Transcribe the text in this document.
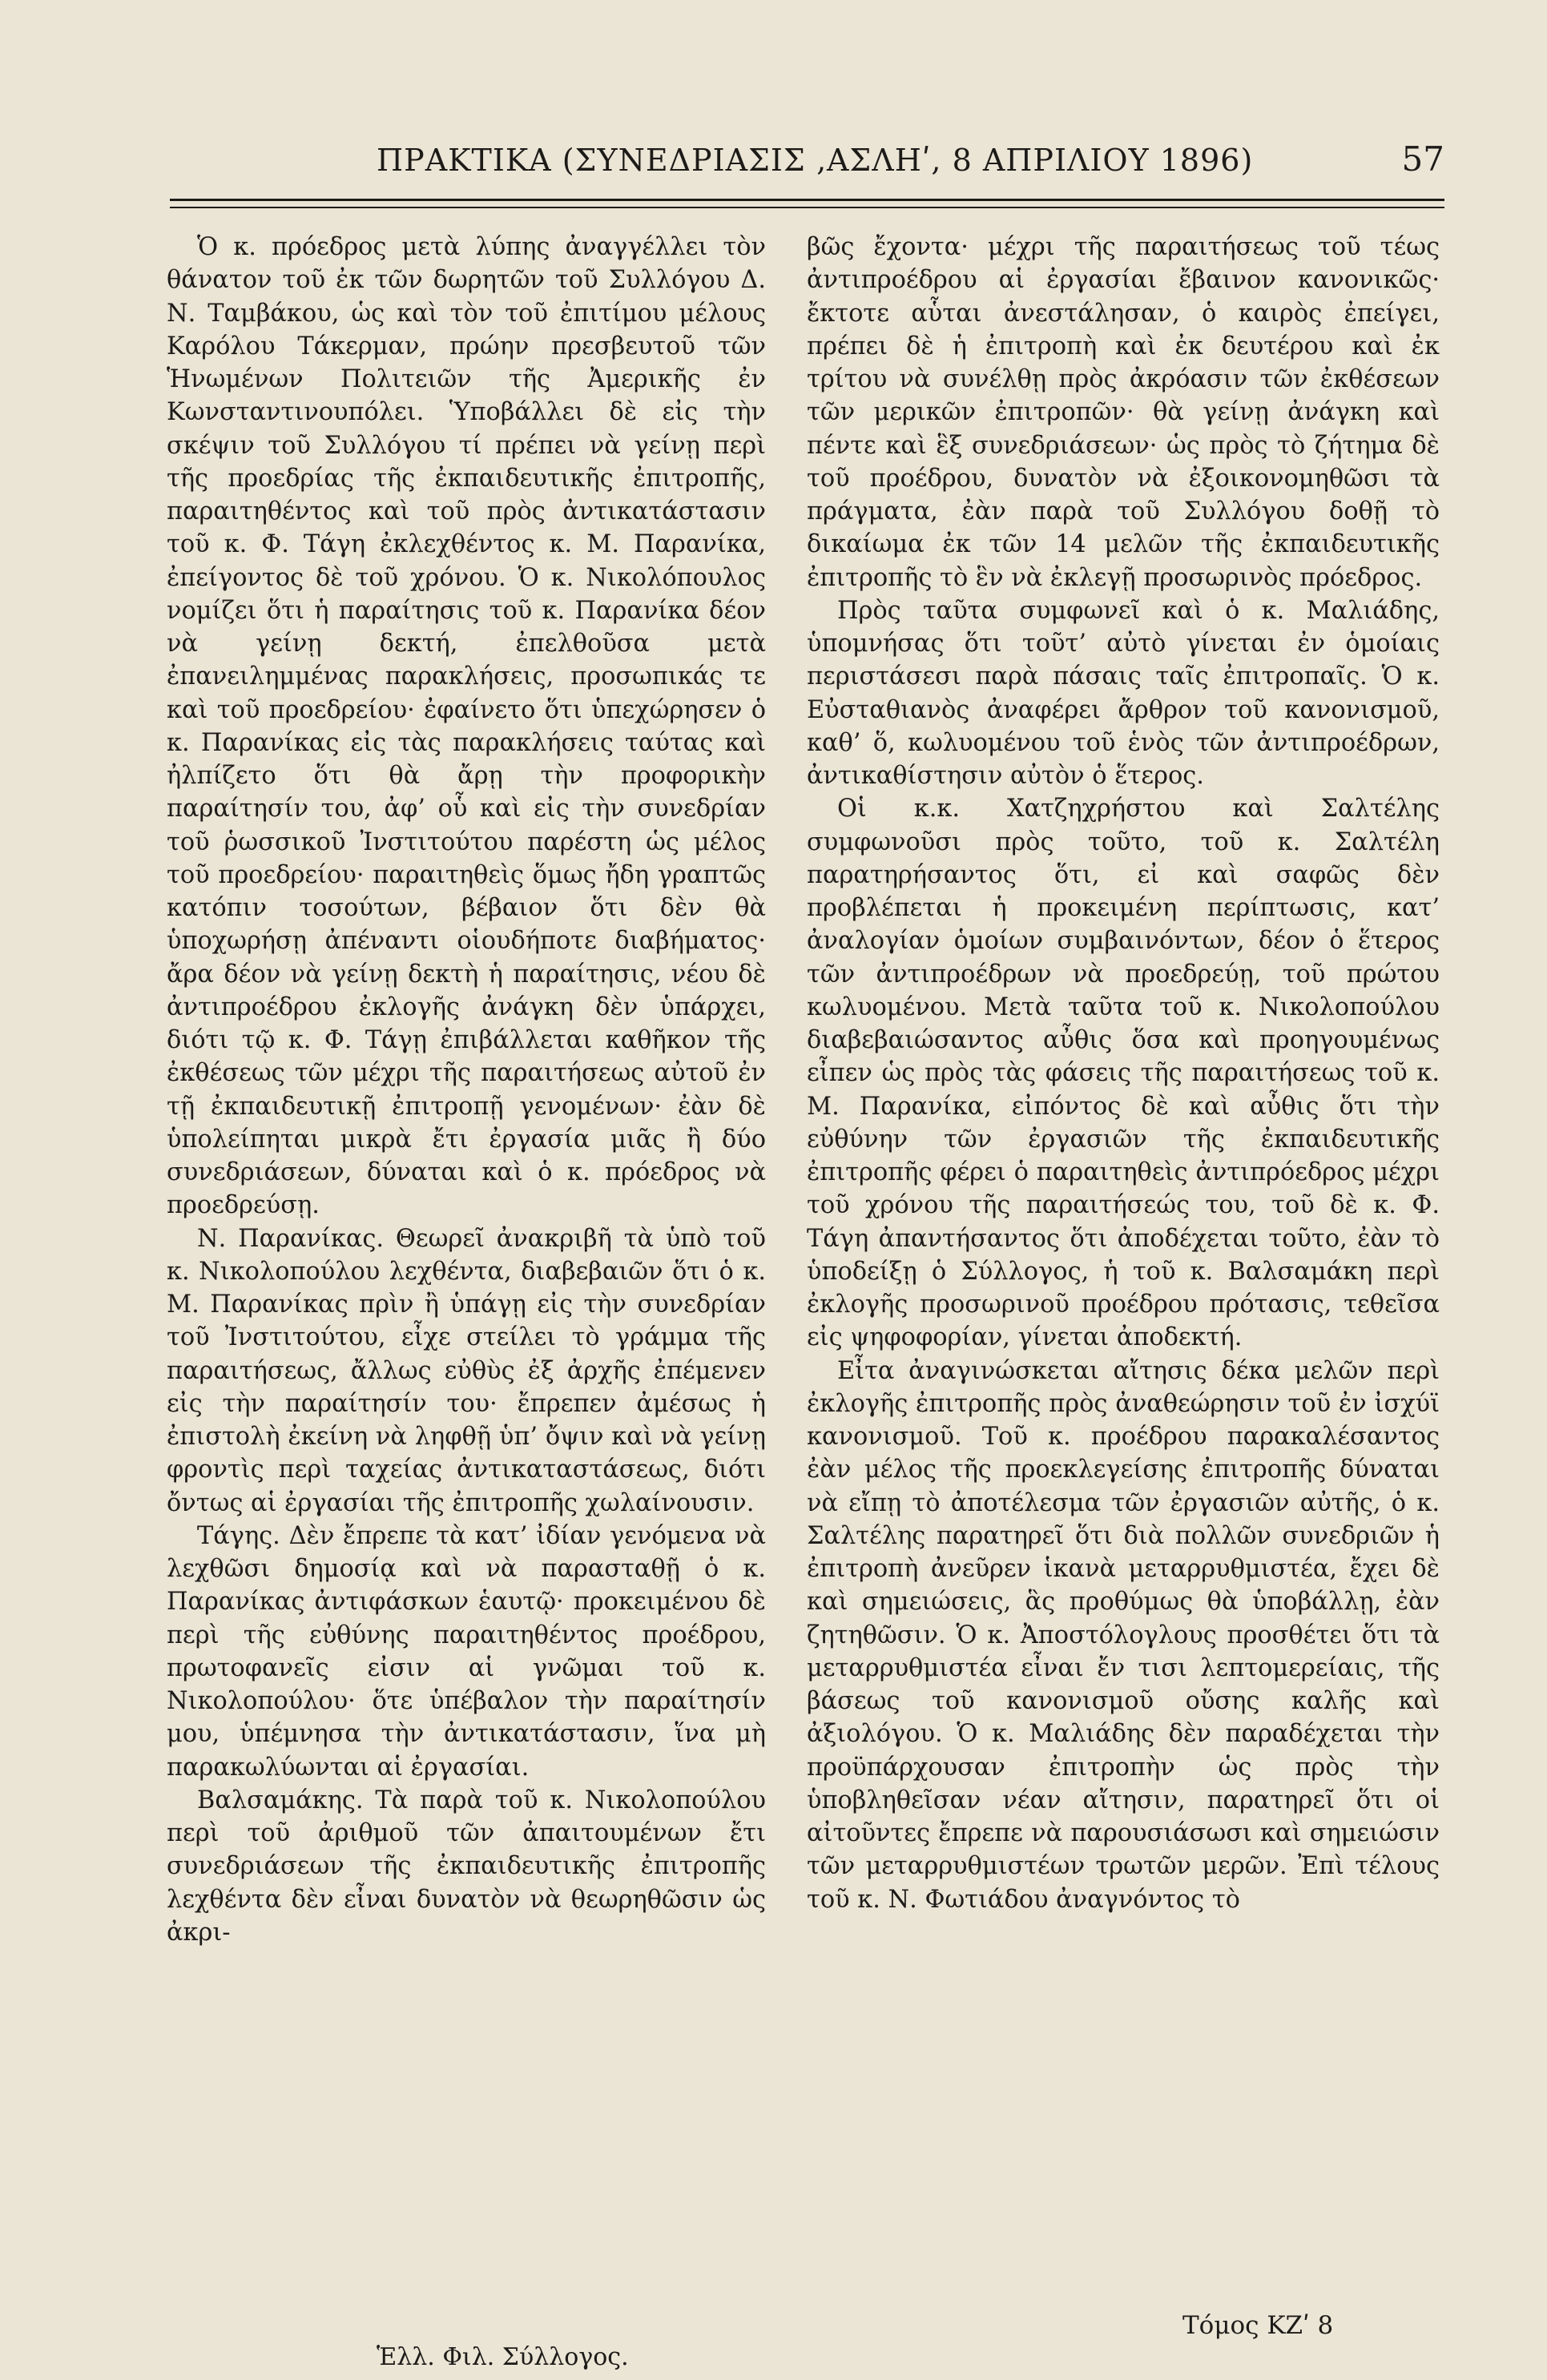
ΠΡΑΚΤΙΚΑ (ΣΥΝΕΔΡΙΑΣΙΣ ‚ΑΣΛΗʹ, 8 ΑΠΡΙΛΙΟΥ 1896)	57

Ὁ κ. πρόεδρος μετὰ λύπης ἀναγγέλλει τὸν θάνατον τοῦ ἐκ τῶν δωρητῶν τοῦ Συλλόγου Δ. Ν. Ταμβάκου, ὡς καὶ τὸν τοῦ ἐπιτίμου μέλους Καρόλου Τάκερμαν, πρώην πρεσβευτοῦ τῶν Ἡνωμένων Πολιτειῶν τῆς Ἀμερικῆς ἐν Κωνσταντινουπόλει. Ὑποβάλλει δὲ εἰς τὴν σκέψιν τοῦ Συλλόγου τί πρέπει νὰ γείνῃ περὶ τῆς προεδρίας τῆς ἐκπαιδευτικῆς ἐπιτροπῆς, παραιτηθέντος καὶ τοῦ πρὸς ἀντικατάστασιν τοῦ κ. Φ. Τάγη ἐκλεχθέντος κ. Μ. Παρανίκα, ἐπείγοντος δὲ τοῦ χρόνου. Ὁ κ. Νικολόπουλος νομίζει ὅτι ἡ παραίτησις τοῦ κ. Παρανίκα δέον νὰ γείνῃ δεκτή, ἐπελθοῦσα μετὰ ἐπανειλημμένας παρακλήσεις, προσωπικάς τε καὶ τοῦ προεδρείου· ἐφαίνετο ὅτι ὑπεχώρησεν ὁ κ. Παρανίκας εἰς τὰς παρακλήσεις ταύτας καὶ ἠλπίζετο ὅτι θὰ ἄρῃ τὴν προφορικὴν παραίτησίν του, ἀφ’ οὗ καὶ εἰς τὴν συνεδρίαν τοῦ ῥωσσικοῦ Ἰνστιτούτου παρέστη ὡς μέλος τοῦ προεδρείου· παραιτηθεὶς ὅμως ἤδη γραπτῶς κατόπιν τοσούτων, βέβαιον ὅτι δὲν θὰ ὑποχωρήσῃ ἀπέναντι οἱουδήποτε διαβήματος· ἄρα δέον νὰ γείνῃ δεκτὴ ἡ παραίτησις, νέου δὲ ἀντιπροέδρου ἐκλογῆς ἀνάγκη δὲν ὑπάρχει, διότι τῷ κ. Φ. Τάγῃ ἐπιβάλλεται καθῆκον τῆς ἐκθέσεως τῶν μέχρι τῆς παραιτήσεως αὐτοῦ ἐν τῇ ἐκπαιδευτικῇ ἐπιτροπῇ γενομένων· ἐὰν δὲ ὑπολείπηται μικρὰ ἔτι ἐργασία μιᾶς ἢ δύο συνεδριάσεων, δύναται καὶ ὁ κ. πρόεδρος νὰ προεδρεύσῃ.

Ν. Παρανίκας. Θεωρεῖ ἀνακριβῆ τὰ ὑπὸ τοῦ κ. Νικολοπούλου λεχθέντα, διαβεβαιῶν ὅτι ὁ κ. Μ. Παρανίκας πρὶν ἢ ὑπάγῃ εἰς τὴν συνεδρίαν τοῦ Ἰνστιτούτου, εἶχε στείλει τὸ γράμμα τῆς παραιτήσεως, ἄλλως εὐθὺς ἐξ ἀρχῆς ἐπέμενεν εἰς τὴν παραίτησίν του· ἔπρεπεν ἀμέσως ἡ ἐπιστολὴ ἐκείνη νὰ ληφθῇ ὑπ’ ὄψιν καὶ νὰ γείνῃ φροντὶς περὶ ταχείας ἀντικαταστάσεως, διότι ὄντως αἱ ἐργασίαι τῆς ἐπιτροπῆς χωλαίνουσιν.

Τάγης. Δὲν ἔπρεπε τὰ κατ’ ἰδίαν γενόμενα νὰ λεχθῶσι δημοσίᾳ καὶ νὰ παρασταθῇ ὁ κ. Παρανίκας ἀντιφάσκων ἑαυτῷ· προκειμένου δὲ περὶ τῆς εὐθύνης παραιτηθέντος προέδρου, πρωτοφανεῖς εἰσιν αἱ γνῶμαι τοῦ κ. Νικολοπούλου· ὅτε ὑπέβαλον τὴν παραίτησίν μου, ὑπέμνησα τὴν ἀντικατάστασιν, ἵνα μὴ παρακωλύωνται αἱ ἐργασίαι.

Βαλσαμάκης. Τὰ παρὰ τοῦ κ. Νικολοπούλου περὶ τοῦ ἀριθμοῦ τῶν ἀπαιτουμένων ἔτι συνεδριάσεων τῆς ἐκπαιδευτικῆς ἐπιτροπῆς λεχθέντα δὲν εἶναι δυνατὸν νὰ θεωρηθῶσιν ὡς ἀκρι-

βῶς ἔχοντα· μέχρι τῆς παραιτήσεως τοῦ τέως ἀντιπροέδρου αἱ ἐργασίαι ἔβαινον κανονικῶς· ἔκτοτε αὗται ἀνεστάλησαν, ὁ καιρὸς ἐπείγει, πρέπει δὲ ἡ ἐπιτροπὴ καὶ ἐκ δευτέρου καὶ ἐκ τρίτου νὰ συνέλθῃ πρὸς ἀκρόασιν τῶν ἐκθέσεων τῶν μερικῶν ἐπιτροπῶν· θὰ γείνῃ ἀνάγκη καὶ πέντε καὶ ἓξ συνεδριάσεων· ὡς πρὸς τὸ ζήτημα δὲ τοῦ προέδρου, δυνατὸν νὰ ἐξοικονομηθῶσι τὰ πράγματα, ἐὰν παρὰ τοῦ Συλλόγου δοθῇ τὸ δικαίωμα ἐκ τῶν 14 μελῶν τῆς ἐκπαιδευτικῆς ἐπιτροπῆς τὸ ἓν νὰ ἐκλεγῇ προσωρινὸς πρόεδρος.

Πρὸς ταῦτα συμφωνεῖ καὶ ὁ κ. Μαλιάδης, ὑπομνήσας ὅτι τοῦτ’ αὐτὸ γίνεται ἐν ὁμοίαις περιστάσεσι παρὰ πάσαις ταῖς ἐπιτροπαῖς. Ὁ κ. Εὐσταθιανὸς ἀναφέρει ἄρθρον τοῦ κανονισμοῦ, καθ’ ὅ, κωλυομένου τοῦ ἑνὸς τῶν ἀντιπροέδρων, ἀντικαθίστησιν αὐτὸν ὁ ἕτερος.

Οἱ κ.κ. Χατζηχρήστου καὶ Σαλτέλης συμφωνοῦσι πρὸς τοῦτο, τοῦ κ. Σαλτέλη παρατηρήσαντος ὅτι, εἰ καὶ σαφῶς δὲν προβλέπεται ἡ προκειμένη περίπτωσις, κατ’ ἀναλογίαν ὁμοίων συμβαινόντων, δέον ὁ ἕτερος τῶν ἀντιπροέδρων νὰ προεδρεύῃ, τοῦ πρώτου κωλυομένου. Μετὰ ταῦτα τοῦ κ. Νικολοπούλου διαβεβαιώσαντος αὖθις ὅσα καὶ προηγουμένως εἶπεν ὡς πρὸς τὰς φάσεις τῆς παραιτήσεως τοῦ κ. Μ. Παρανίκα, εἰπόντος δὲ καὶ αὖθις ὅτι τὴν εὐθύνην τῶν ἐργασιῶν τῆς ἐκπαιδευτικῆς ἐπιτροπῆς φέρει ὁ παραιτηθεὶς ἀντιπρόεδρος μέχρι τοῦ χρόνου τῆς παραιτήσεώς του, τοῦ δὲ κ. Φ. Τάγη ἀπαντήσαντος ὅτι ἀποδέχεται τοῦτο, ἐὰν τὸ ὑποδείξῃ ὁ Σύλλογος, ἡ τοῦ κ. Βαλσαμάκη περὶ ἐκλογῆς προσωρινοῦ προέδρου πρότασις, τεθεῖσα εἰς ψηφοφορίαν, γίνεται ἀποδεκτή.

Εἶτα ἀναγινώσκεται αἴτησις δέκα μελῶν περὶ ἐκλογῆς ἐπιτροπῆς πρὸς ἀναθεώρησιν τοῦ ἐν ἰσχύϊ κανονισμοῦ. Τοῦ κ. προέδρου παρακαλέσαντος ἐὰν μέλος τῆς προεκλεγείσης ἐπιτροπῆς δύναται νὰ εἴπῃ τὸ ἀποτέλεσμα τῶν ἐργασιῶν αὐτῆς, ὁ κ. Σαλτέλης παρατηρεῖ ὅτι διὰ πολλῶν συνεδριῶν ἡ ἐπιτροπὴ ἀνεῦρεν ἱκανὰ μεταρρυθμιστέα, ἔχει δὲ καὶ σημειώσεις, ἃς προθύμως θὰ ὑποβάλλῃ, ἐὰν ζητηθῶσιν. Ὁ κ. Ἀποστόλογλους προσθέτει ὅτι τὰ μεταρρυθμιστέα εἶναι ἔν τισι λεπτομερείαις, τῆς βάσεως τοῦ κανονισμοῦ οὔσης καλῆς καὶ ἀξιολόγου. Ὁ κ. Μαλιάδης δὲν παραδέχεται τὴν προϋπάρχουσαν ἐπιτροπὴν ὡς πρὸς τὴν ὑποβληθεῖσαν νέαν αἴτησιν, παρατηρεῖ ὅτι οἱ αἰτοῦντες ἔπρεπε νὰ παρουσιάσωσι καὶ σημειώσιν τῶν μεταρρυθμιστέων τρωτῶν μερῶν. Ἐπὶ τέλους τοῦ κ. Ν. Φωτιάδου ἀναγνόντος τὸ

Ἑλλ. Φιλ. Σύλλογος.
Τόμος ΚΖʹ 8
